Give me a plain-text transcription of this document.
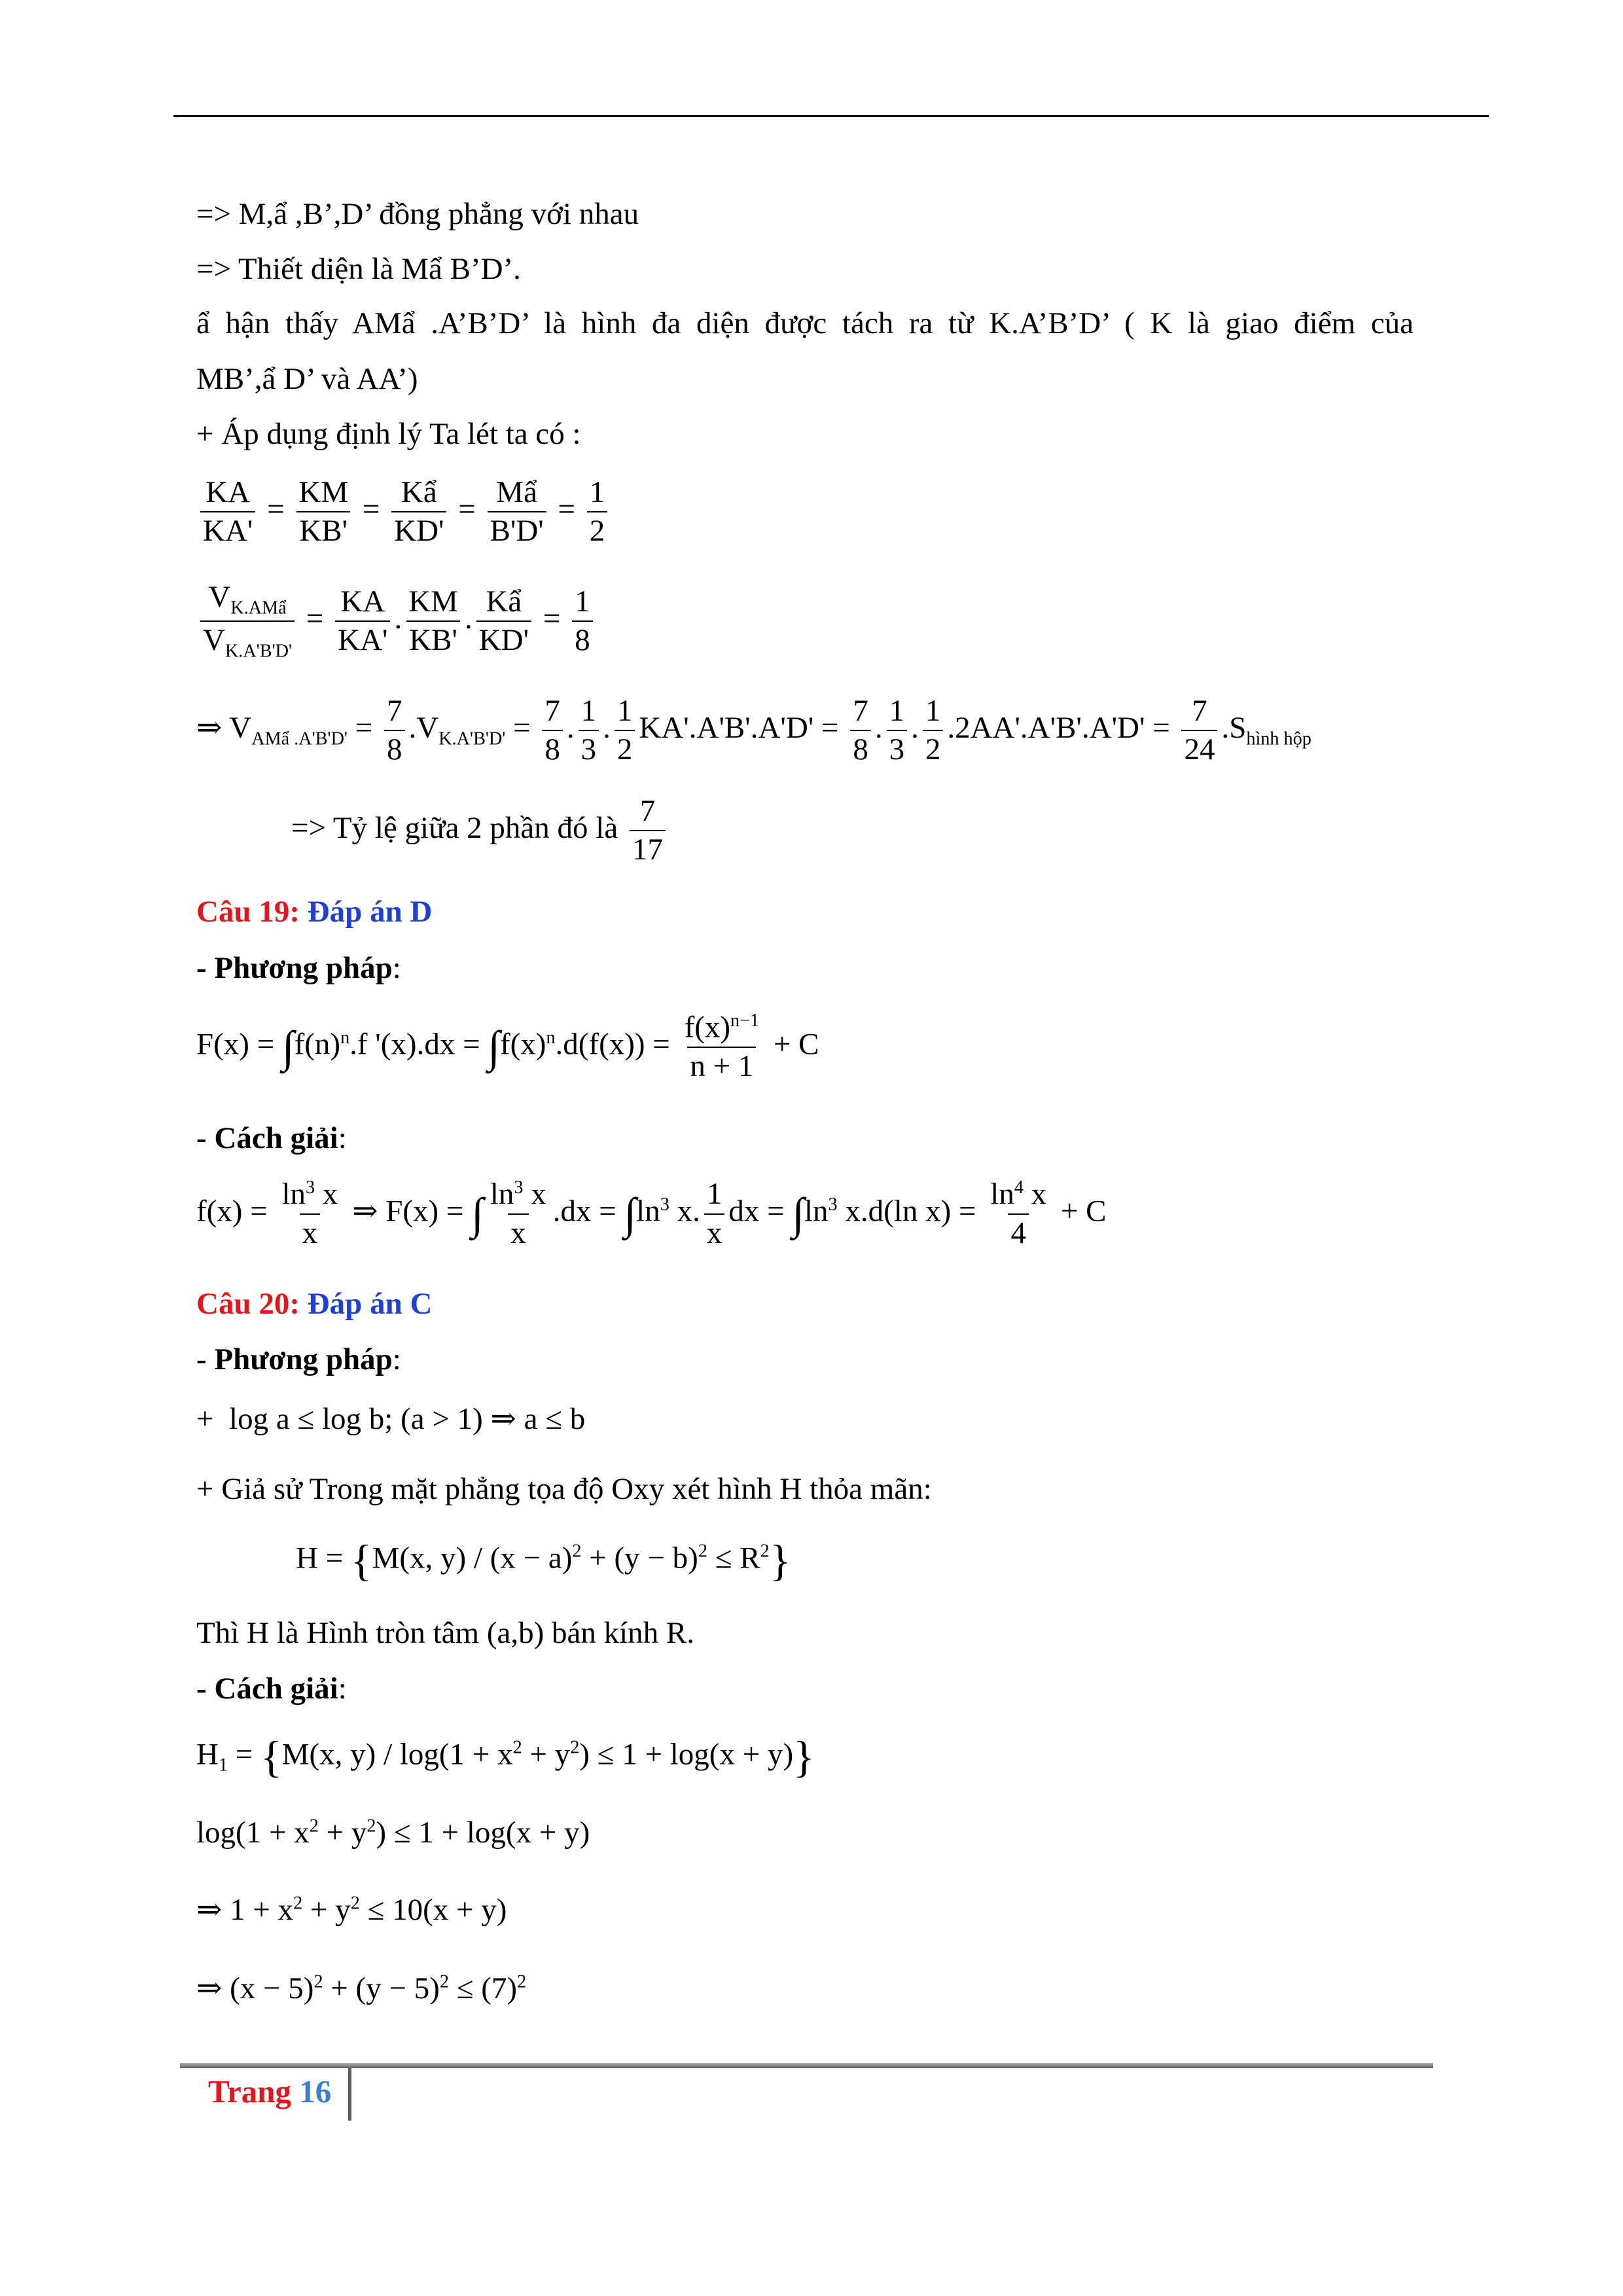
=> M,ẩ ,B’,D’ đồng phẳng với nhau
=> Thiết diện là Mẩ B’D’.
ẩ hận thấy AMẩ .A’B’D’ là hình đa diện được tách ra từ K.A’B’D’ ( K là giao điểm của
MB’,ẩ D’ và AA’)
+ Áp dụng định lý Ta lét ta có :
$\frac{KA}{KA'} = \frac{KM}{KB'} = \frac{\text{Kẩ}}{KD'} = \frac{\text{Mẩ}}{B'D'} = \frac{1}{2}$
$\frac{V_{K.AMẩ}}{V_{K.A'B'D'}} = \frac{KA}{KA'}$ . $\frac{KM}{KB'}$ . $\frac{\text{Kẩ}}{KD'} = \frac{1}{8}$
⇒ $V_{AMẩ .A'B'D'} = \frac{7}{8} .V_{K.A'B'D'} = \frac{7}{8}$ . $\frac{1}{3}$ . $\frac{1}{2} KA'.A'B'.A'D' = \frac{7}{8}$ . $\frac{1}{3}$ . $\frac{1}{2} .2AA'.A'B'.A'D' = \frac{7}{24} .S_{hình hộp}$
=> Tỷ lệ giữa 2 phần đó là $\frac{7}{17}$
Câu 19: Đáp án D
- Phương pháp:
$F(x) = \int f(n)^n.f$ '$(x).dx = \int f(x)^n.d(f(x)) = \frac{f(x)^{n-1}}{n + 1} + C$
- Cách giải:
$f(x) = \frac{\ln^3 x}{x}$ ⇒ F(x) = ∫ $\frac{\ln^3 x}{x} .dx = \int\ln^3$ x. $\frac{1}{x}$ dx = $\int\ln^3$ x.d(ln $x) = \frac{\ln^4 x}{4} + C$
Câu 20: Đáp án C
- Phương pháp:
+  log a ≤ log b; (a > 1) ⇒ a ≤ b
+ Giả sử Trong mặt phẳng tọa độ Oxy xét hình H thỏa mãn:
H = {M(x, $y) / (x - a)^2 + (y - b)^2 \le R^2$}
Thì H là Hình tròn tâm (a,b) bán kính R.
- Cách giải:
$H_1 = \{M(x$, $y) / \log(1 + x^2 + y^2) \le 1 + \log(x + y)$}
$\log(1 + x^2 + y^2) \le 1 + \log(x + y)$
⇒ $1 + x^2 + y^2 \le 10(x + y)$
⇒ $(x - 5)^2 + (y - 5)^2 \le (7)^2$
Trang 16
